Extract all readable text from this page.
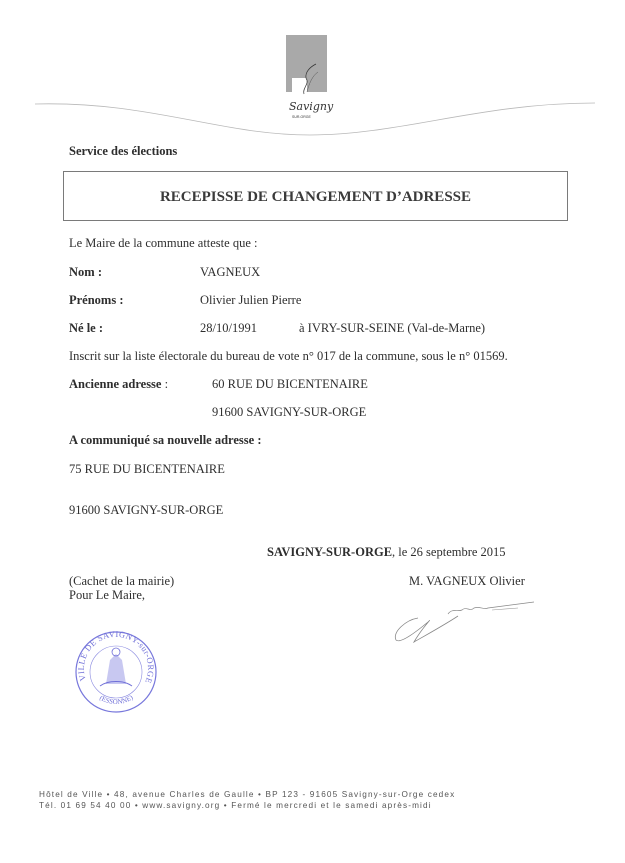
Savigny
SUR-ORGE
Service des élections
RECEPISSE DE CHANGEMENT D’ADRESSE
Le Maire de la commune atteste que :
Nom :	VAGNEUX
Prénoms :	Olivier Julien Pierre
Né le :	28/10/1991	à IVRY-SUR-SEINE (Val-de-Marne)
Inscrit sur la liste électorale du bureau de vote n° 017 de la commune, sous le n° 01569.
Ancienne adresse :	60 RUE DU BICENTENAIRE
91600 SAVIGNY-SUR-ORGE
A communiqué sa nouvelle adresse :
75 RUE DU BICENTENAIRE
91600 SAVIGNY-SUR-ORGE
SAVIGNY-SUR-ORGE, le 26 septembre 2015
(Cachet de la mairie)
Pour Le Maire,
M. VAGNEUX Olivier
VILLE DE SAVIGNY-sur-ORGE
(ESSONNE)
Hôtel de Ville • 48, avenue Charles de Gaulle • BP 123 - 91605 Savigny-sur-Orge cedex
Tél. 01 69 54 40 00 • www.savigny.org • Fermé le mercredi et le samedi après-midi
